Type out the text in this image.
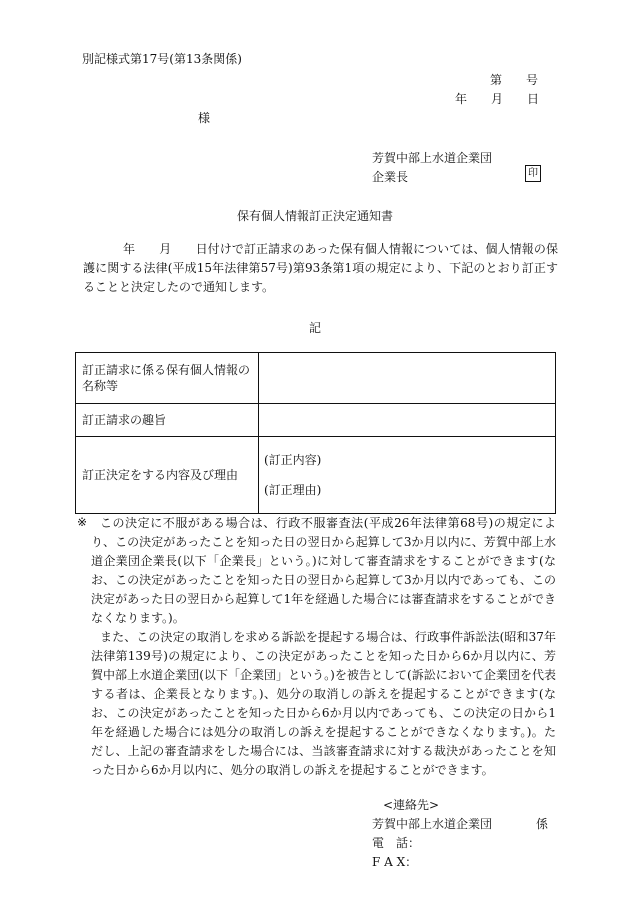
別記様式第17号(第13条関係)
第　　号
年　　月　　日
様
芳賀中部上水道企業団
企業長	印
保有個人情報訂正決定通知書

年　　月　　日付けで訂正請求のあった保有個人情報については、個人情報の保護に関する法律(平成15年法律第57号)第93条第1項の規定により、下記のとおり訂正することと決定したので通知します。

記
訂正請求に係る保有個人情報の名称等	
訂正請求の趣旨	
訂正決定をする内容及び理由	(訂正内容)
(訂正理由)
※	この決定に不服がある場合は、行政不服審査法(平成26年法律第68号)の規定により、この決定があったことを知った日の翌日から起算して3か月以内に、芳賀中部上水道企業団企業長(以下「企業長」という。)に対して審査請求をすることができます(なお、この決定があったことを知った日の翌日から起算して3か月以内であっても、この決定があった日の翌日から起算して1年を経過した場合には審査請求をすることができなくなります。)。

また、この決定の取消しを求める訴訟を提起する場合は、行政事件訴訟法(昭和37年法律第139号)の規定により、この決定があったことを知った日から6か月以内に、芳賀中部上水道企業団(以下「企業団」という。)を被告として(訴訟において企業団を代表する者は、企業長となります。)、処分の取消しの訴えを提起することができます(なお、この決定があったことを知った日から6か月以内であっても、この決定の日から1年を経過した場合には処分の取消しの訴えを提起することができなくなります。)。ただし、上記の審査請求をした場合には、当該審査請求に対する裁決があったことを知った日から6か月以内に、処分の取消しの訴えを提起することができます。

<連絡先>
芳賀中部上水道企業団	係
電　話：
F A X：
